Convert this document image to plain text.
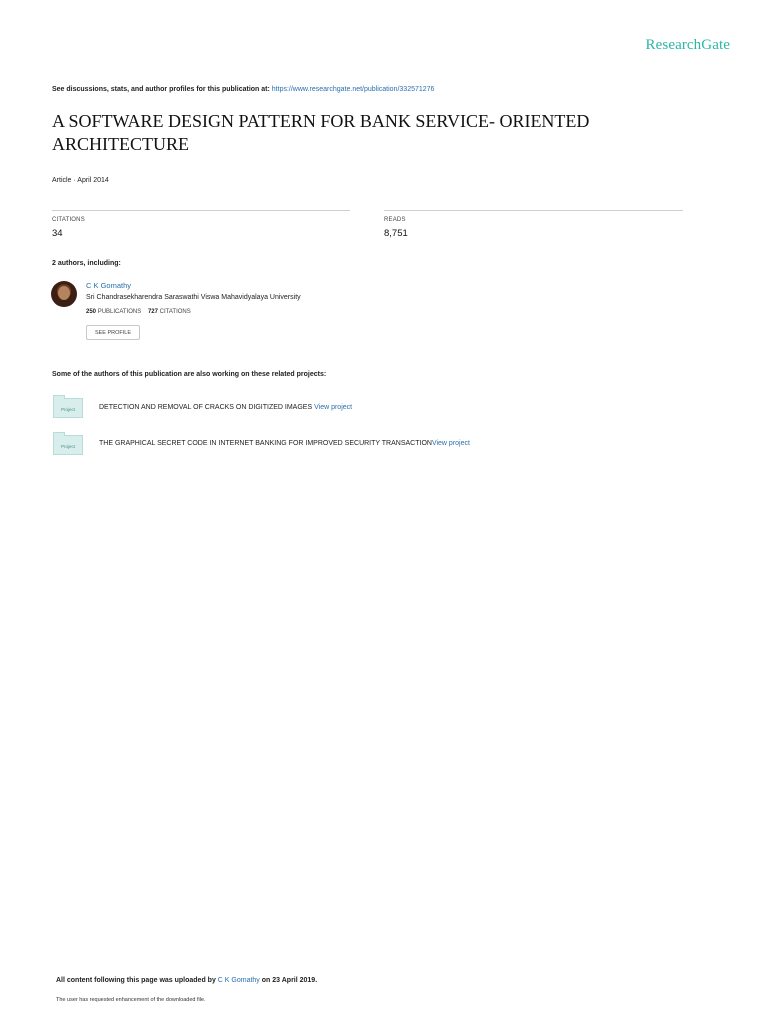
ResearchGate
See discussions, stats, and author profiles for this publication at: https://www.researchgate.net/publication/332571276
A SOFTWARE DESIGN PATTERN FOR BANK SERVICE- ORIENTED
ARCHITECTURE
Article · April 2014
CITATIONS
34
READS
8,751
2 authors, including:
C K Gomathy
Sri Chandrasekharendra Saraswathi Viswa Mahavidyalaya University
250 PUBLICATIONS 727 CITATIONS
SEE PROFILE
Some of the authors of this publication are also working on these related projects:
Project	DETECTION AND REMOVAL OF CRACKS ON DIGITIZED IMAGES View project
Project	THE GRAPHICAL SECRET CODE IN INTERNET BANKING FOR IMPROVED SECURITY TRANSACTIONView project
All content following this page was uploaded by C K Gomathy on 23 April 2019.
The user has requested enhancement of the downloaded file.
